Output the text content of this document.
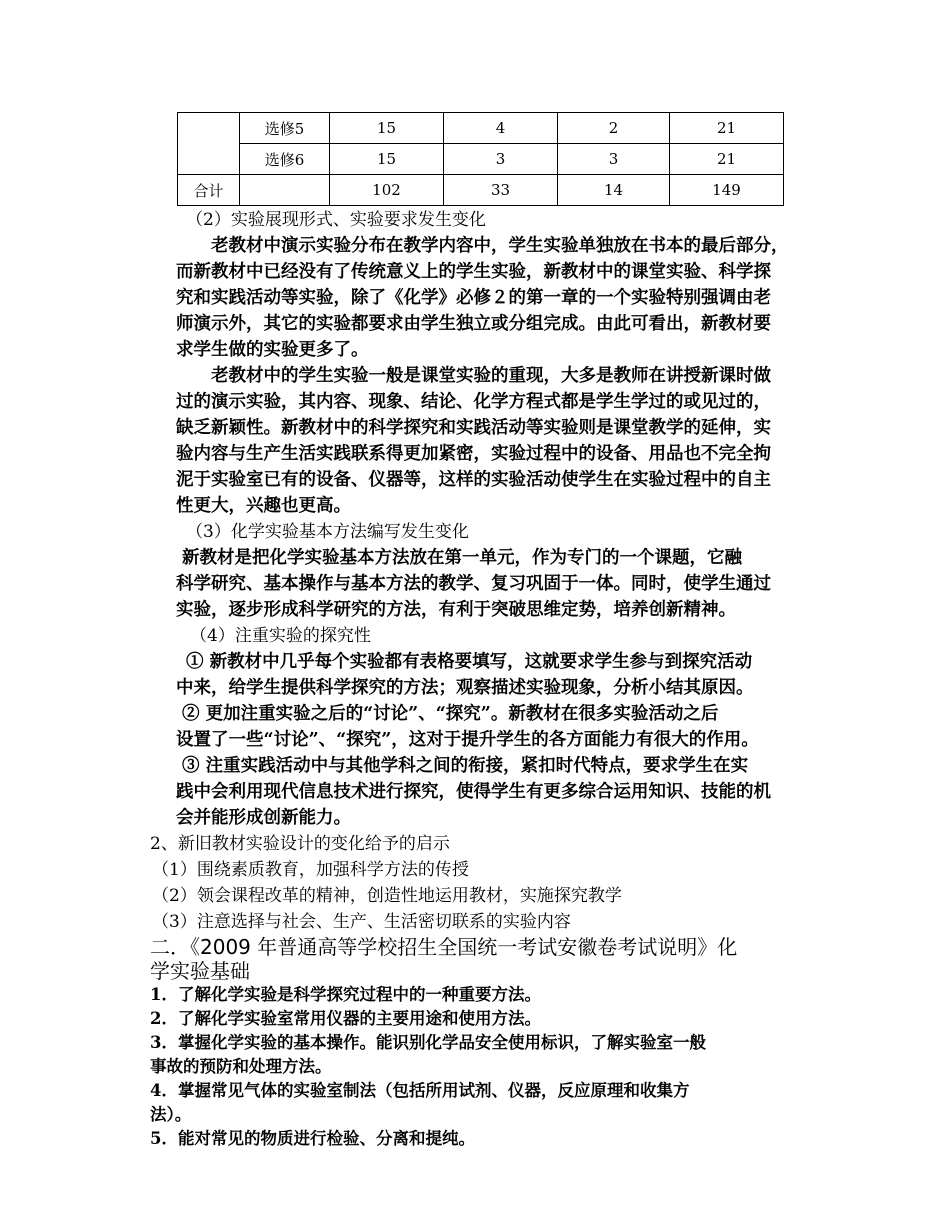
	选修5	15	4	2	21
	选修6	15	3	3	21
合计		102	33	14	149
（2）实验展现形式、实验要求发生变化
老教材中演示实验分布在教学内容中，学生实验单独放在书本的最后部分，
而新教材中已经没有了传统意义上的学生实验，新教材中的课堂实验、科学探
究和实践活动等实验，除了《化学》必修２的第一章的一个实验特别强调由老
师演示外，其它的实验都要求由学生独立或分组完成。由此可看出，新教材要
求学生做的实验更多了。
老教材中的学生实验一般是课堂实验的重现，大多是教师在讲授新课时做
过的演示实验，其内容、现象、结论、化学方程式都是学生学过的或见过的，
缺乏新颖性。新教材中的科学探究和实践活动等实验则是课堂教学的延伸，实
验内容与生产生活实践联系得更加紧密，实验过程中的设备、用品也不完全拘
泥于实验室已有的设备、仪器等，这样的实验活动使学生在实验过程中的自主
性更大，兴趣也更高。
（3）化学实验基本方法编写发生变化
新教材是把化学实验基本方法放在第一单元，作为专门的一个课题，它融
科学研究、基本操作与基本方法的教学、复习巩固于一体。同时，使学生通过
实验，逐步形成科学研究的方法，有利于突破思维定势，培养创新精神。
（4）注重实验的探究性
① 新教材中几乎每个实验都有表格要填写，这就要求学生参与到探究活动
中来，给学生提供科学探究的方法；观察描述实验现象，分析小结其原因。
② 更加注重实验之后的“讨论”、“探究”。新教材在很多实验活动之后
设置了一些“讨论”、“探究”，这对于提升学生的各方面能力有很大的作用。
③ 注重实践活动中与其他学科之间的衔接，紧扣时代特点，要求学生在实
践中会利用现代信息技术进行探究，使得学生有更多综合运用知识、技能的机
会并能形成创新能力。
2、新旧教材实验设计的变化给予的启示
（1）围绕素质教育，加强科学方法的传授
（2）领会课程改革的精神，创造性地运用教材，实施探究教学
（3）注意选择与社会、生产、生活密切联系的实验内容
二．《2009 年普通高等学校招生全国统一考试安徽卷考试说明》化
学实验基础
1．了解化学实验是科学探究过程中的一种重要方法。
2．了解化学实验室常用仪器的主要用途和使用方法。
3．掌握化学实验的基本操作。能识别化学品安全使用标识，了解实验室一般
事故的预防和处理方法。
4．掌握常见气体的实验室制法（包括所用试剂、仪器，反应原理和收集方
法）。
5．能对常见的物质进行检验、分离和提纯。
